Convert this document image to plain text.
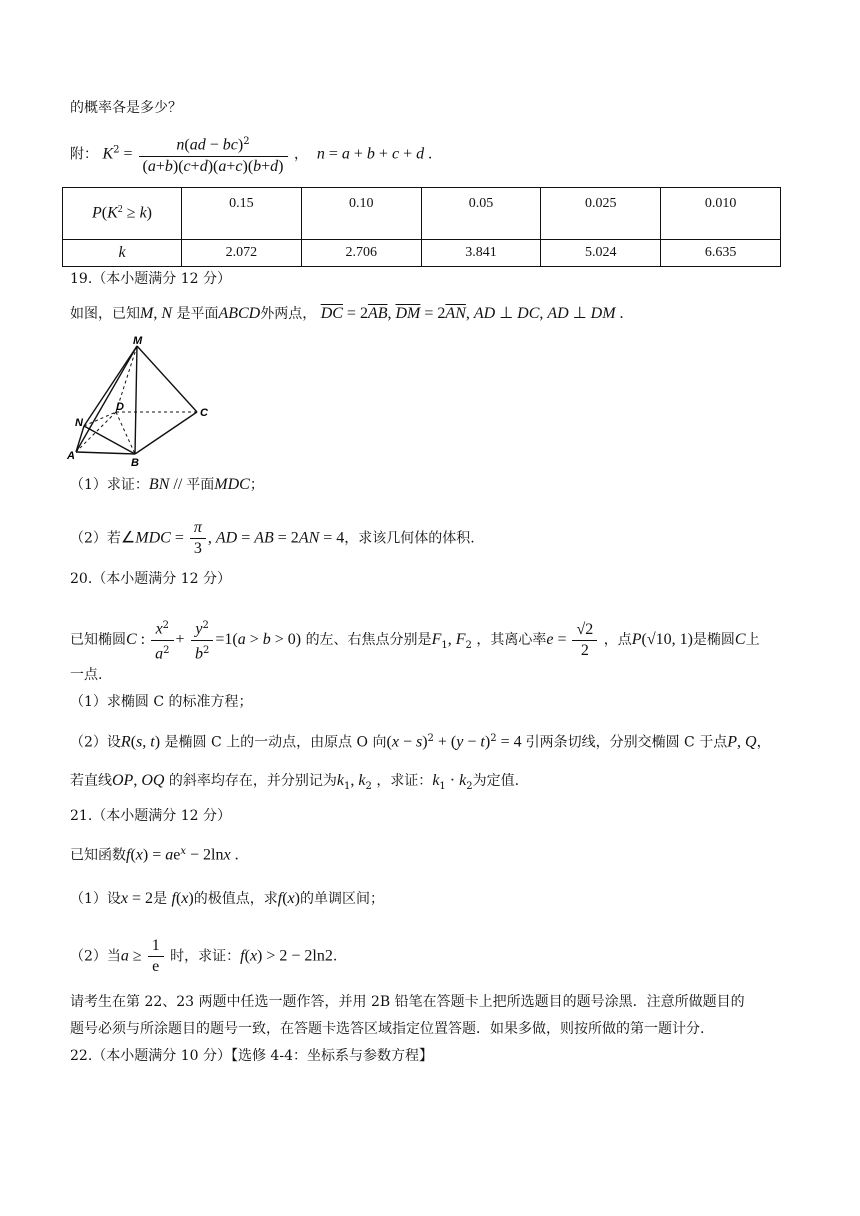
的概率各是多少？
附： $K^2 = \frac{n(ad - bc)^2}{(a+b)(c+d)(a+c)(b+d)}$ ， n = a + b + c + d .
$P(K^2 \ge k)$	0.15	0.10	0.05	0.025	0.010
k	2.072	2.706	3.841	5.024	6.635
19.（本小题满分 12 分）
如图，已知M, N 是平面ABCD外两点， $\overline{DC} = 2\overline{AB}$, $\overline{DM} = 2\overline{AN}$, AD ⊥ DC, AD ⊥ DM .
M
D	C
N
A
B
（1）求证：BN // 平面MDC；
（2）若∠MDC = $\frac{\pi}{3}$ , AD = AB = 2AN = 4，求该几何体的体积.
20.（本小题满分 12 分）
已知椭圆C : $\frac{x^2}{a^2} + \frac{y^2}{b^2} =1(a > b > 0)$ 的左、右焦点分别是$F_1$, $F_2$ ，其离心率$e = \frac{√2}{2}$ ，点P(√10, 1)是椭圆C上
一点.
（1）求椭圆 C 的标准方程；
（2）设R(s, t) 是椭圆 C 上的一动点，由原点 O 向$(x - s)^2 + (y - t)^2 = 4$ 引两条切线，分别交椭圆 C 于点P, Q，
若直线OP, OQ 的斜率均存在，并分别记为$k_1$, $k_2$ ，求证：$k_1 \cdot k_2$为定值.
21.（本小题满分 12 分）
已知函数$f(x) = ae^x - 2\ln x$ .
（1）设x = 2是 f(x)的极值点，求f(x)的单调区间；
（2）当$a \ge \frac{1}{e}$ 时，求证：f(x) > 2 − 2ln2.
请考生在第 22、23 两题中任选一题作答，并用 2B 铅笔在答题卡上把所选题目的题号涂黑．注意所做题目的
题号必须与所涂题目的题号一致，在答题卡选答区域指定位置答题．如果多做，则按所做的第一题计分.
22.（本小题满分 10 分）【选修 4-4：坐标系与参数方程】
